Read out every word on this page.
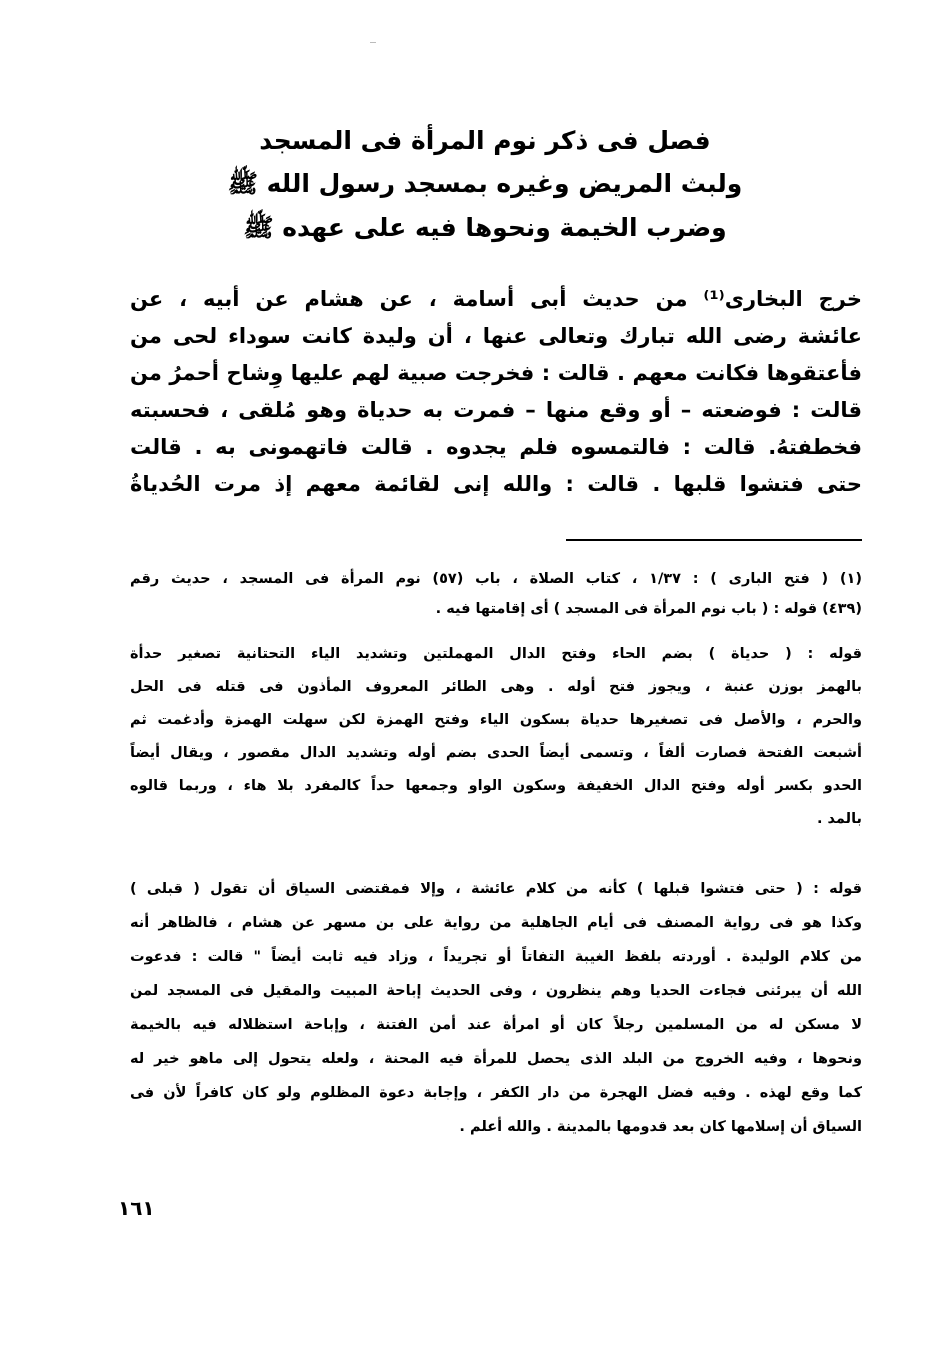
فصل فى ذكر نوم المرأة فى المسجد
ولبث المريض وغيره بمسجد رسول الله ﷺ
وضرب الخيمة ونحوها فيه على عهده ﷺ
خرج البخارى⁽¹⁾ من حديث أبى أسامة ، عن هشام عن أبيه ، عن
عائشة رضى الله تبارك وتعالى عنها ، أن وليدة كانت سوداء لحى من
فأعتقوها فكانت معهم . قالت : فخرجت صبية لهم عليها وِشاح أحمرُ من
قالت : فوضعته – أو وقع منها – فمرت به حدياة وهو مُلقى ، فحسبته
فخطفتهُ. قالت : فالتمسوه فلم يجدوه . قالت فاتهمونى به . قالت
حتى فتشوا قلبها . قالت : والله إنى لقائمة معهم إذ مرت الحُدياةُ
(١) ( فتح البارى ) : ١/٣٧ ، كتاب الصلاة ، باب (٥٧) نوم المرأة فى المسجد ، حديث رقم
(٤٣٩) قوله : ( باب نوم المرأة فى المسجد ) أى إقامتها فيه .
قوله : ( حدياة ) بضم الحاء وفتح الدال المهملتين وتشديد الياء التحتانية تصغير حدأة
بالهمز بوزن عنبة ، ويجوز فتح أوله . وهى الطائر المعروف المأذون فى قتله فى الحل
والحرم ، والأصل فى تصغيرها حدياة بسكون الياء وفتح الهمزة لكن سهلت الهمزة وأدغمت ثم
أشبعت الفتحة فصارت ألفاً ، وتسمى أيضاً الحدى بضم أوله وتشديد الدال مقصور ، ويقال أيضاً
الحدو بكسر أوله وفتح الدال الخفيفة وسكون الواو وجمعها حداً كالمفرد بلا هاء ، وربما قالوه
بالمد .
قوله : ( حتى فتشوا قبلها ) كأنه من كلام عائشة ، وإلا فمقتضى السياق أن تقول ( قبلى )
وكذا هو فى رواية المصنف فى أيام الجاهلية من رواية على بن مسهر عن هشام ، فالظاهر أنه
من كلام الوليدة . أوردته بلفظ الغيبة التفاتاً أو تجريداً ، وزاد فيه ثابت أيضاً " قالت : فدعوت
الله أن يبرئنى فجاءت الحديا وهم ينظرون ، وفى الحديث إباحة المبيت والمقيل فى المسجد لمن
لا مسكن له من المسلمين رجلاً كان أو امرأة عند أمن الفتنة ، وإباحة استظلاله فيه بالخيمة
ونحوها ، وفيه الخروج من البلد الذى يحصل للمرأة فيه المحنة ، ولعله يتحول إلى ماهو خير له
كما وقع لهذه . وفيه فضل الهجرة من دار الكفر ، وإجابة دعوة المظلوم ولو كان كافراً لأن فى
السياق أن إسلامها كان بعد قدومها بالمدينة . والله أعلم .
١٦١
